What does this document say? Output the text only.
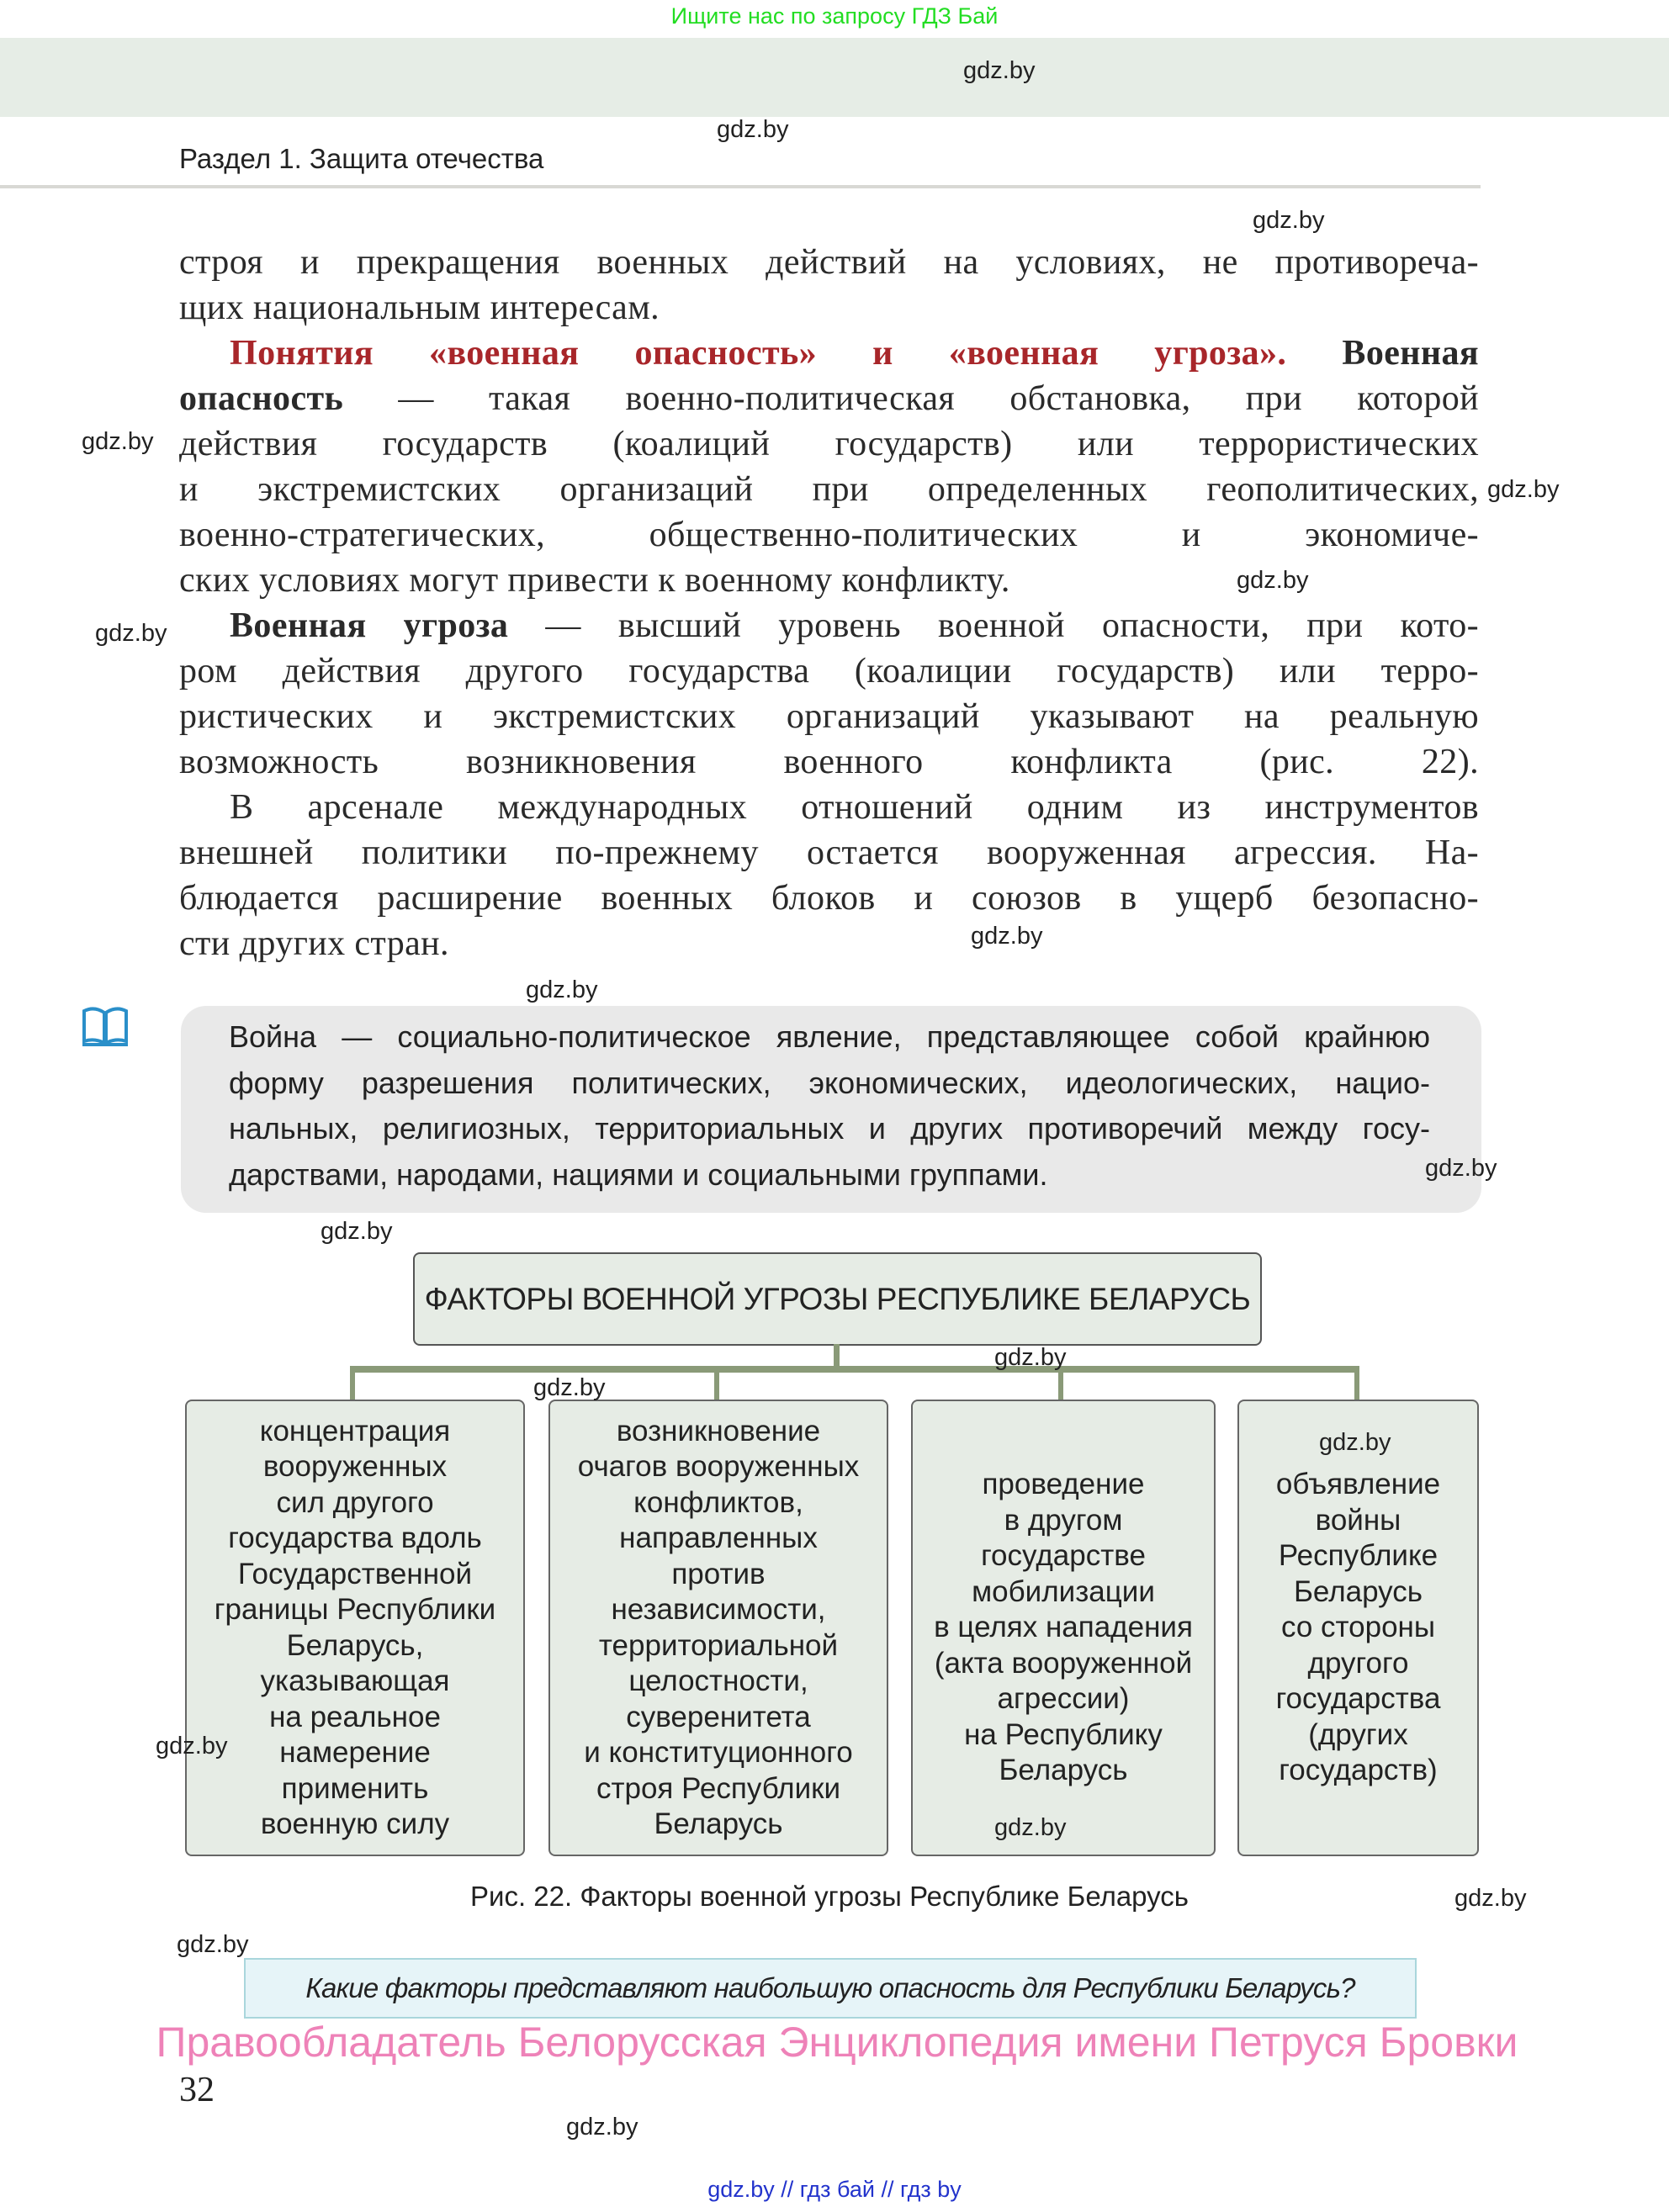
Ищите нас по запросу ГДЗ Бай
Раздел 1. Защита отечества
строя и прекращения военных действий на условиях, не противореча-
щих национальным интересам.
Понятия «военная опасность» и «военная угроза». Военная
опасность — такая военно-политическая обстановка, при которой
действия государств (коалиций государств) или террористических
и экстремистских организаций при определенных геополитических,
военно-стратегических, общественно-политических и экономиче-
ских условиях могут привести к военному конфликту.
Военная угроза — высший уровень военной опасности, при кото-
ром действия другого государства (коалиции государств) или терро-
ристических и экстремистских организаций указывают на реальную
возможность возникновения военного конфликта (рис. 22).
В арсенале международных отношений одним из инструментов
внешней политики по-прежнему остается вооруженная агрессия. На-
блюдается расширение военных блоков и союзов в ущерб безопасно-
сти других стран.
Война — социально-политическое явление, представляющее собой крайнюю
форму разрешения политических, экономических, идеологических, нацио-
нальных, религиозных, территориальных и других противоречий между госу-
дарствами, народами, нациями и социальными группами.
ФАКТОРЫ ВОЕННОЙ УГРОЗЫ РЕСПУБЛИКЕ БЕЛАРУСЬ
концентрация
вооруженных
сил другого
государства вдоль
Государственной
границы Республики
Беларусь,
указывающая
на реальное
намерение
применить
военную силу
возникновение
очагов вооруженных
конфликтов,
направленных
против
независимости,
территориальной
целостности,
суверенитета
и конституционного
строя Республики
Беларусь
проведение
в другом
государстве
мобилизации
в целях нападения
(акта вооруженной
агрессии)
на Республику
Беларусь
объявление
войны
Республике
Беларусь
со стороны
другого
государства
(других
государств)
Рис. 22. Факторы военной угрозы Республике Беларусь
Какие факторы представляют наибольшую опасность для Республики Беларусь?
Правообладатель Белорусская Энциклопедия имени Петруся Бровки
32
gdz.by // гдз бай // гдз by
gdz.by
gdz.by
gdz.by
gdz.by
gdz.by
gdz.by
gdz.by
gdz.by
gdz.by
gdz.by
gdz.by
gdz.by
gdz.by
gdz.by
gdz.by
gdz.by
gdz.by
gdz.by
gdz.by
